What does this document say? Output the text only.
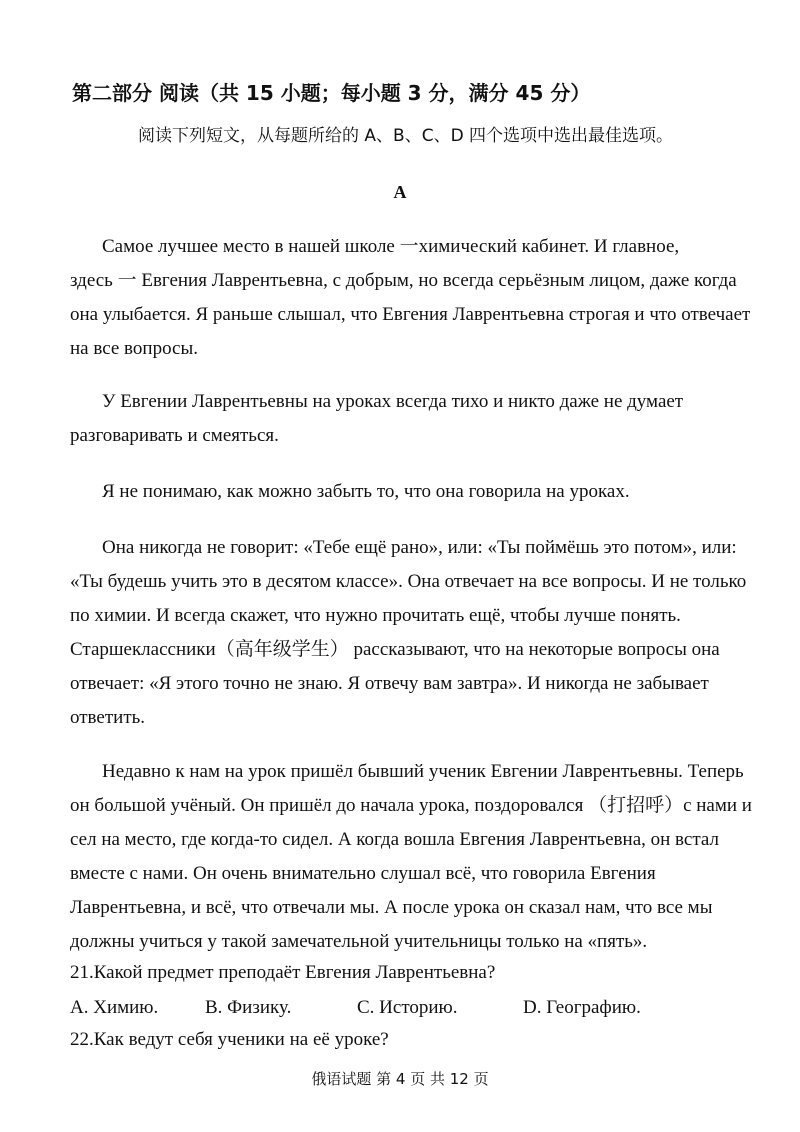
第二部分 阅读（共 15 小题；每小题 3 分，满分 45 分）
阅读下列短文，从每题所给的 A、B、C、D 四个选项中选出最佳选项。
A
Самое лучшее место в нашей школе 一химический кабинет. И главное,
здесь 一 Евгения Лаврентьевна, с добрым, но всегда серьёзным лицом, даже когда
она улыбается. Я раньше слышал, что Евгения Лаврентьевна строгая и что отвечает
на все вопросы.
У Евгении Лаврентьевны на уроках всегда тихо и никто даже не думает
разговаривать и смеяться.
Я не понимаю, как можно забыть то, что она говорила на уроках.
Она никогда не говорит: «Тебе ещё рано», или: «Ты поймёшь это потом», или:
«Ты будешь учить это в десятом классе». Она отвечает на все вопросы. И не только
по химии. И всегда скажет, что нужно прочитать ещё, чтобы лучше понять.
Старшеклассники（高年级学生） рассказывают, что на некоторые вопросы она
отвечает: «Я этого точно не знаю. Я отвечу вам завтра». И никогда не забывает
ответить.
Недавно к нам на урок пришёл бывший ученик Евгении Лаврентьевны. Теперь
он большой учёный. Он пришёл до начала урока, поздоровался （打招呼）с нами и
сел на место, где когда-то сидел. А когда вошла Евгения Лаврентьевна, он встал
вместе с нами. Он очень внимательно слушал всё, что говорила Евгения
Лаврентьевна, и всё, что отвечали мы. А после урока он сказал нам, что все мы
должны учиться у такой замечательной учительницы только на «пять».
21.Какой предмет преподаёт Евгения Лаврентьевна?
A. Химию. B. Физику.	C. Историю.	D. Географию.
22.Как ведут себя ученики на её уроке?
俄语试题 第 4 页 共 12 页
